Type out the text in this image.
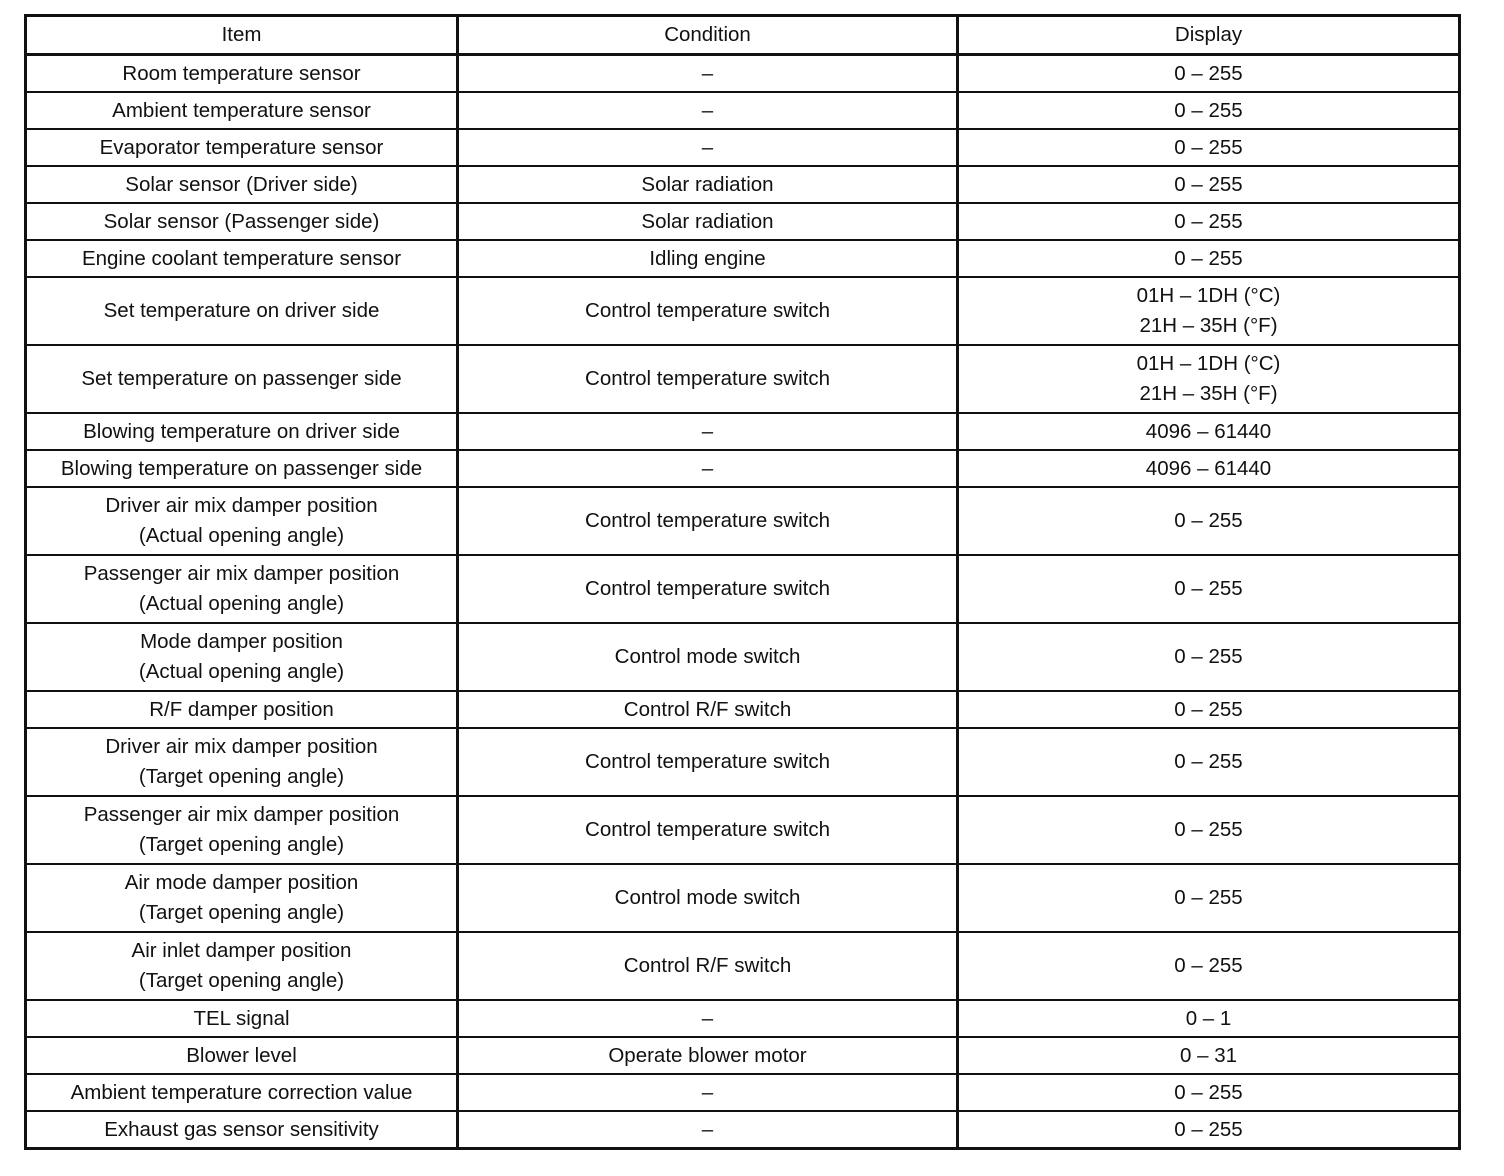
Item	Condition	Display

Room temperature sensor	–	0 – 255

Ambient temperature sensor	–	0 – 255

Evaporator temperature sensor	–	0 – 255

Solar sensor (Driver side)	Solar radiation	0 – 255

Solar sensor (Passenger side)	Solar radiation	0 – 255

Engine coolant temperature sensor	Idling engine	0 – 255

Set temperature on driver side	Control temperature switch	01H – 1DH (°C)
21H – 35H (°F)

Set temperature on passenger side	Control temperature switch	01H – 1DH (°C)
21H – 35H (°F)

Blowing temperature on driver side	–	4096 – 61440

Blowing temperature on passenger side	–	4096 – 61440

Driver air mix damper position
(Actual opening angle)	Control temperature switch	0 – 255

Passenger air mix damper position
(Actual opening angle)	Control temperature switch	0 – 255

Mode damper position
(Actual opening angle)	Control mode switch	0 – 255

R/F damper position	Control R/F switch	0 – 255

Driver air mix damper position
(Target opening angle)	Control temperature switch	0 – 255

Passenger air mix damper position
(Target opening angle)	Control temperature switch	0 – 255

Air mode damper position
(Target opening angle)	Control mode switch	0 – 255

Air inlet damper position
(Target opening angle)	Control R/F switch	0 – 255

TEL signal	–	0 – 1

Blower level	Operate blower motor	0 – 31

Ambient temperature correction value	–	0 – 255

Exhaust gas sensor sensitivity	–	0 – 255
